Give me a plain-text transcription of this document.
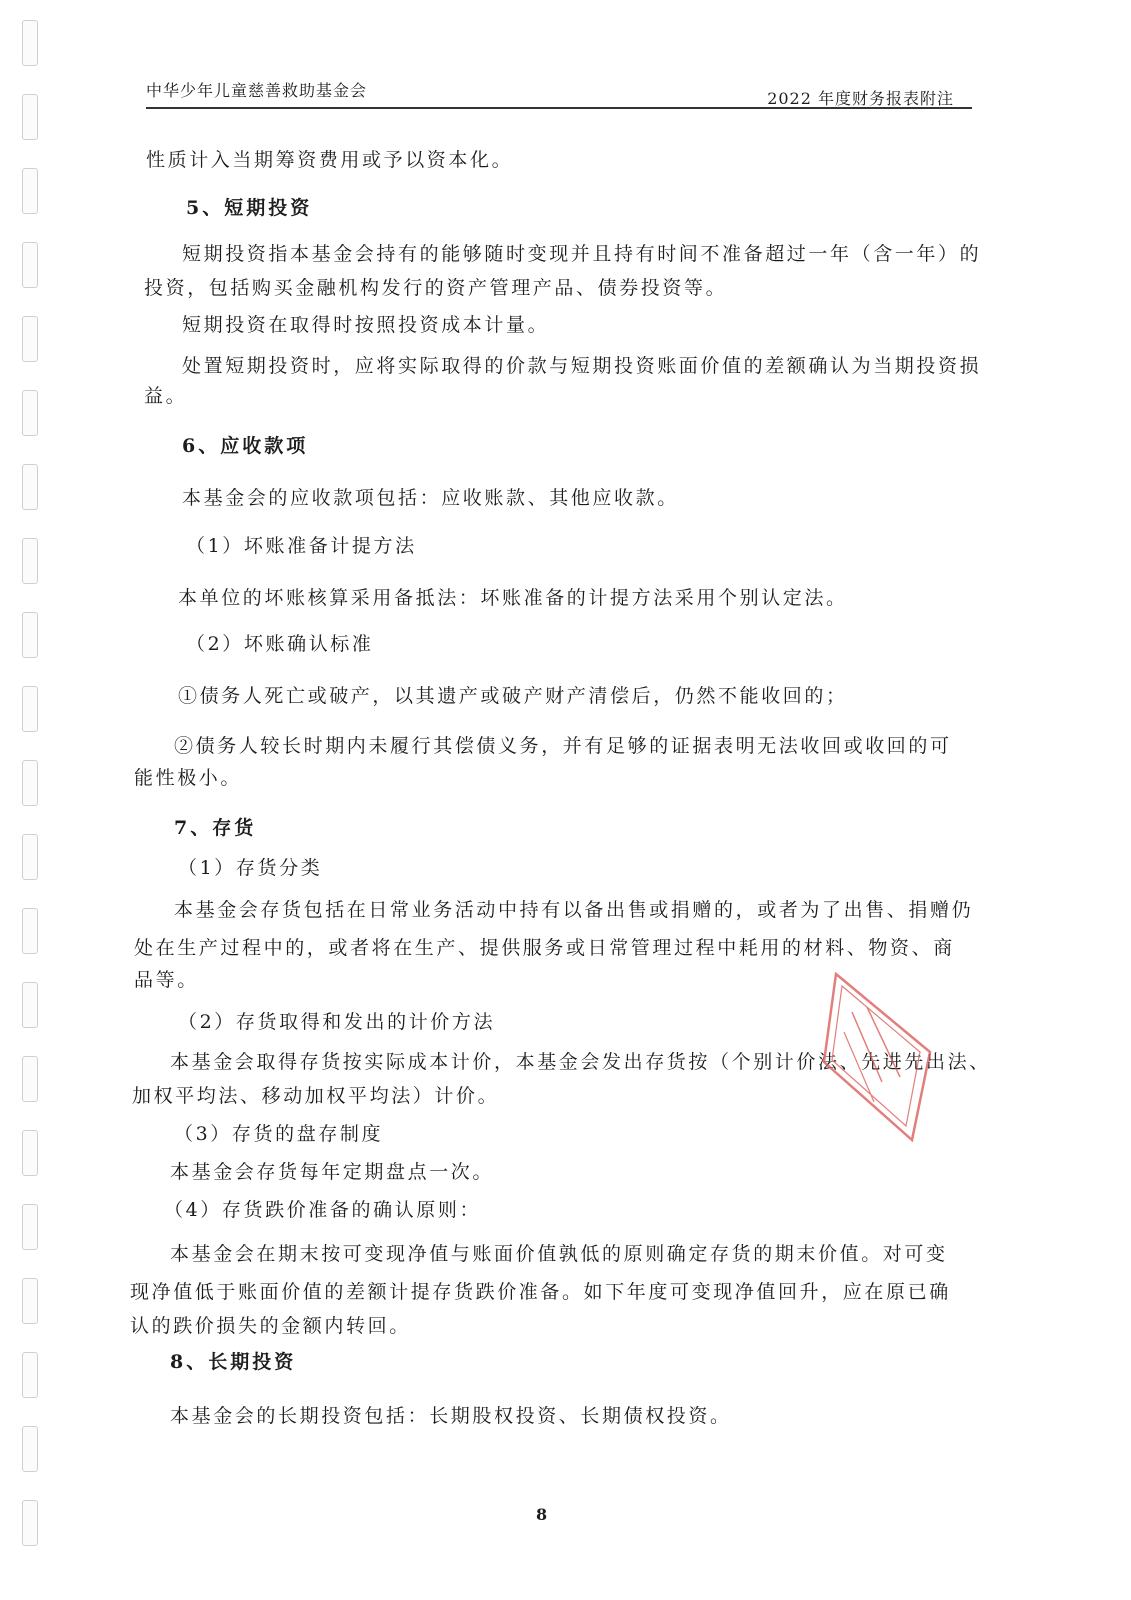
中华少年儿童慈善救助基金会	2022 年度财务报表附注
性质计入当期筹资费用或予以资本化。
5、短期投资
短期投资指本基金会持有的能够随时变现并且持有时间不准备超过一年（含一年）的
投资，包括购买金融机构发行的资产管理产品、债券投资等。
短期投资在取得时按照投资成本计量。
处置短期投资时，应将实际取得的价款与短期投资账面价值的差额确认为当期投资损
益。
6、应收款项
本基金会的应收款项包括：应收账款、其他应收款。
（1）坏账准备计提方法
本单位的坏账核算采用备抵法：坏账准备的计提方法采用个别认定法。
（2）坏账确认标准
①债务人死亡或破产，以其遗产或破产财产清偿后，仍然不能收回的；
②债务人较长时期内未履行其偿债义务，并有足够的证据表明无法收回或收回的可
能性极小。
7、存货
（1）存货分类
本基金会存货包括在日常业务活动中持有以备出售或捐赠的，或者为了出售、捐赠仍
处在生产过程中的，或者将在生产、提供服务或日常管理过程中耗用的材料、物资、商
品等。
（2）存货取得和发出的计价方法
本基金会取得存货按实际成本计价，本基金会发出存货按（个别计价法、先进先出法、
加权平均法、移动加权平均法）计价。
（3）存货的盘存制度
本基金会存货每年定期盘点一次。
（4）存货跌价准备的确认原则：
本基金会在期末按可变现净值与账面价值孰低的原则确定存货的期末价值。对可变
现净值低于账面价值的差额计提存货跌价准备。如下年度可变现净值回升，应在原已确
认的跌价损失的金额内转回。
8、长期投资
本基金会的长期投资包括：长期股权投资、长期债权投资。
8
